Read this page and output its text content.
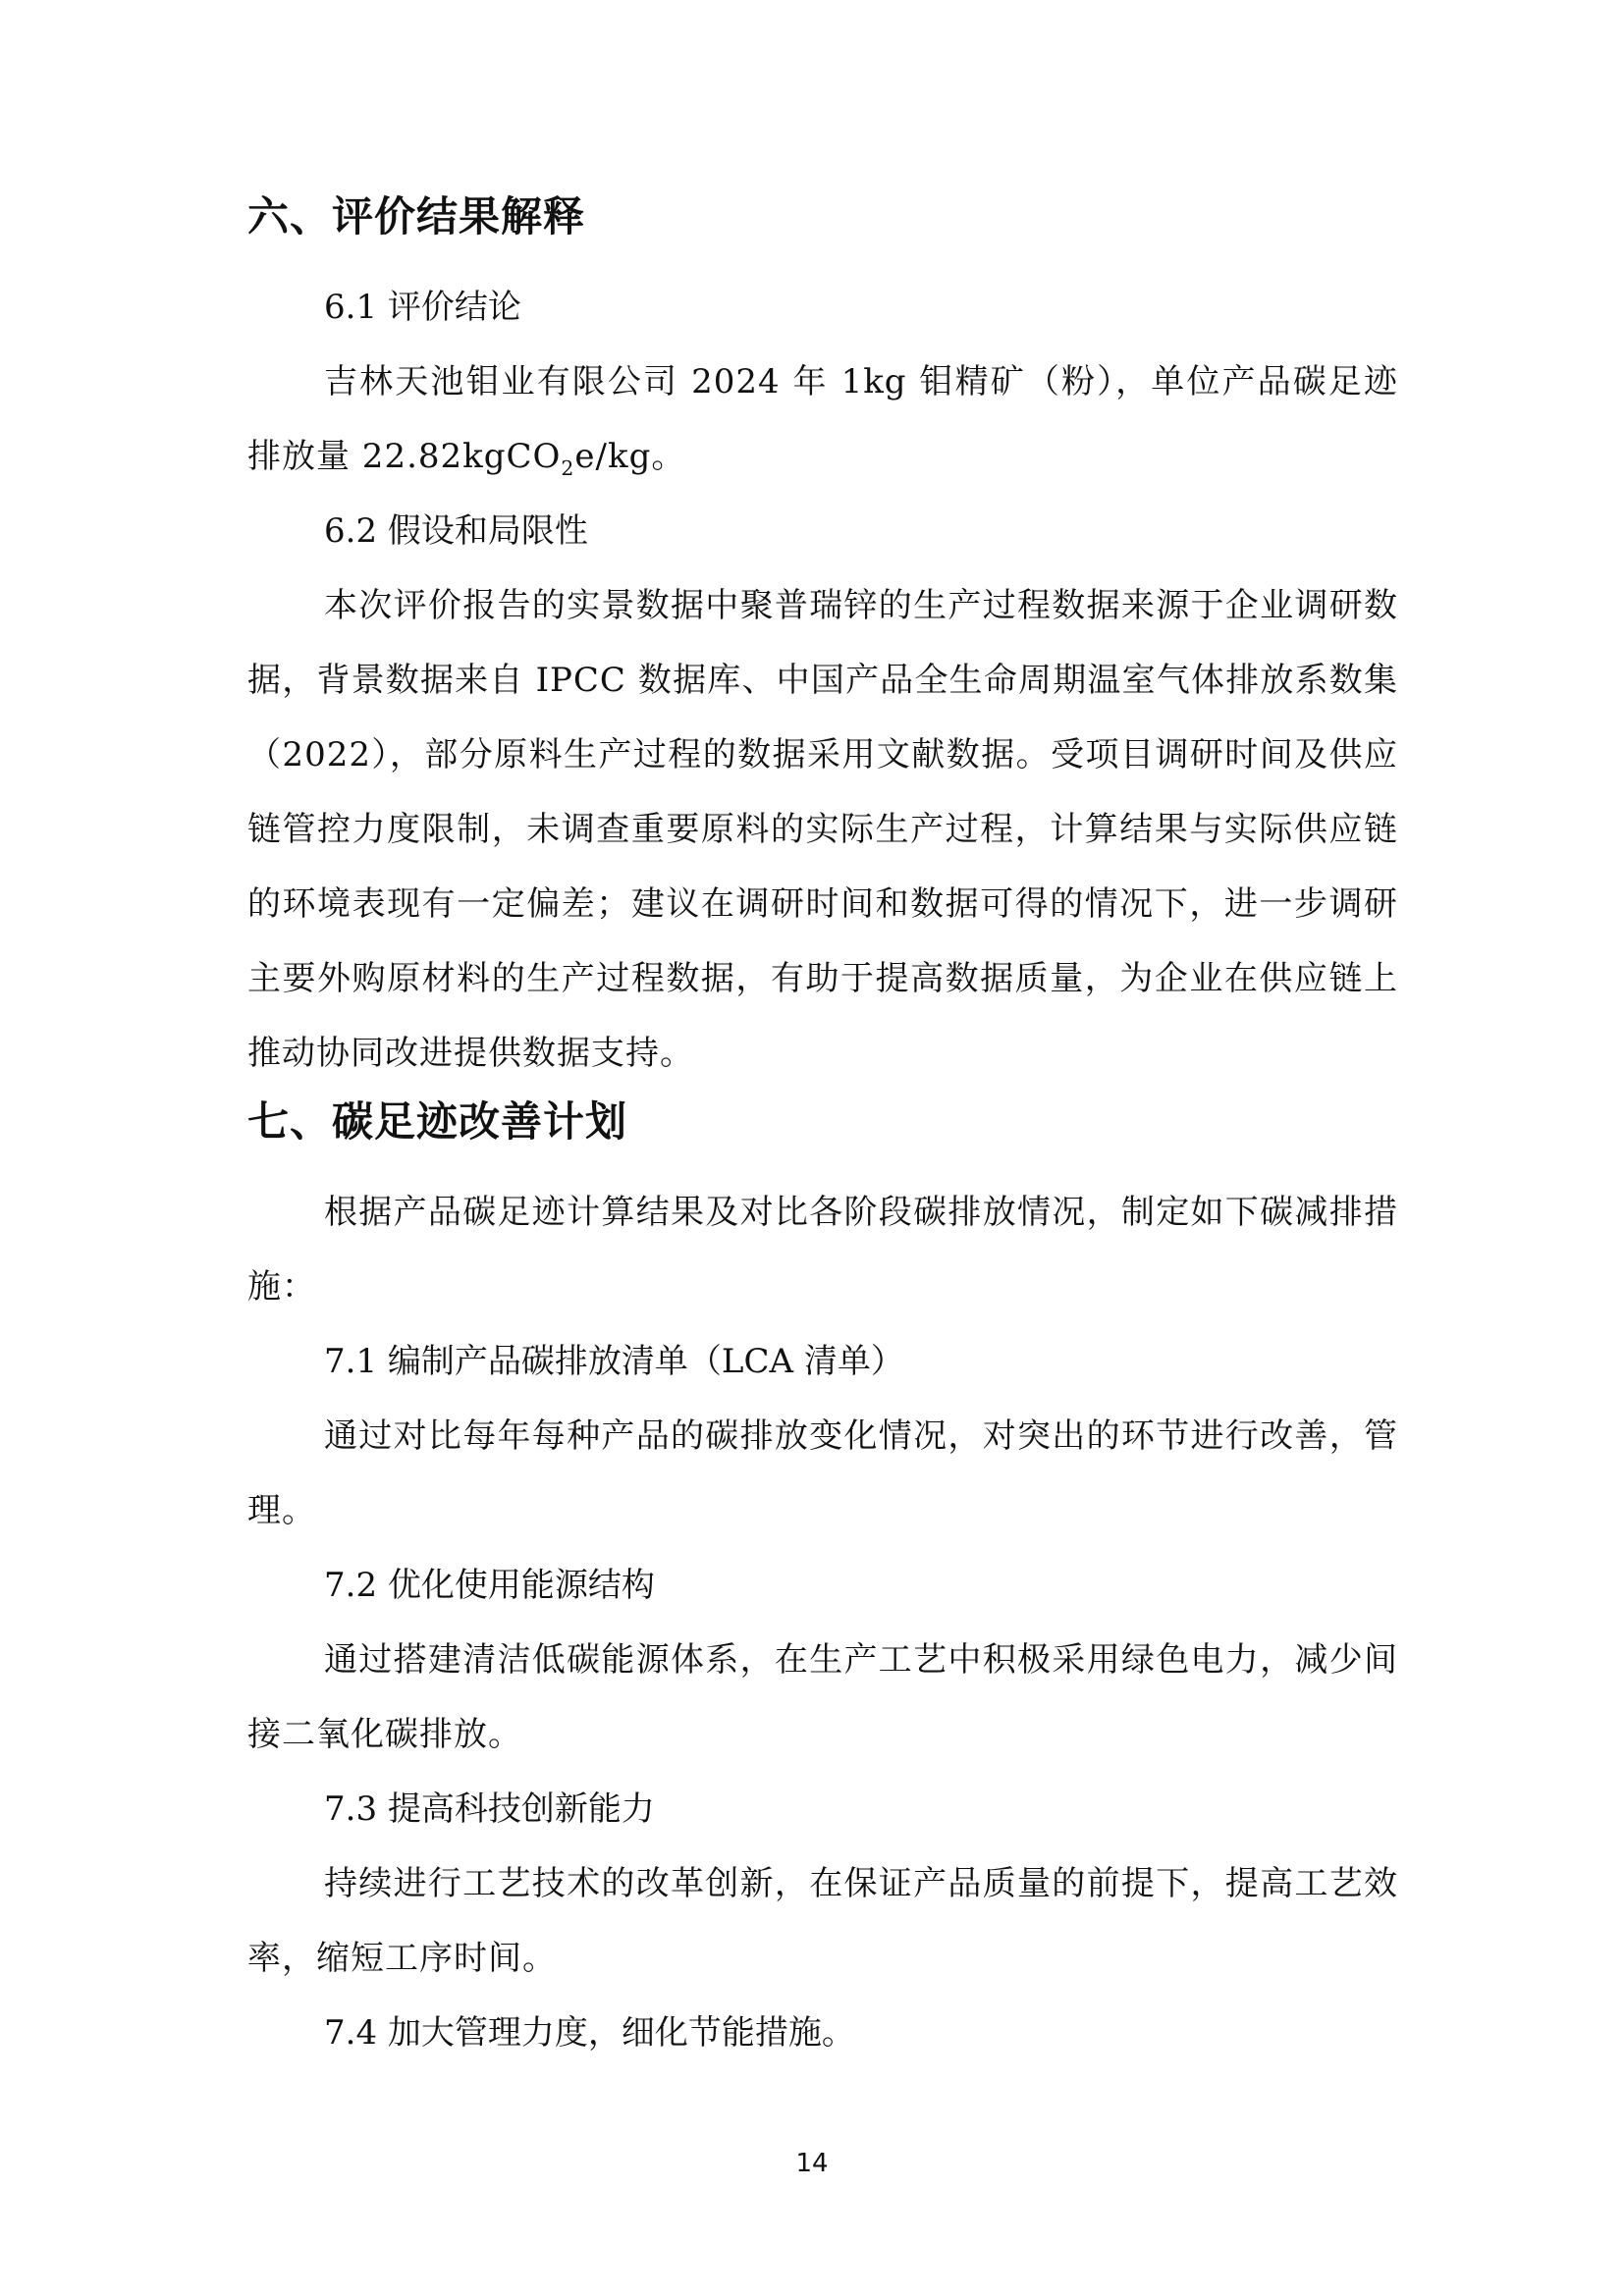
六、评价结果解释

6.1 评价结论

吉林天池钼业有限公司 2024 年 1kg 钼精矿（粉），单位产品碳足迹排放量 22.82kgCO$_2$e/kg。

6.2 假设和局限性

本次评价报告的实景数据中聚普瑞锌的生产过程数据来源于企业调研数据，背景数据来自 IPCC 数据库、中国产品全生命周期温室气体排放系数集（2022），部分原料生产过程的数据采用文献数据。受项目调研时间及供应链管控力度限制，未调查重要原料的实际生产过程，计算结果与实际供应链的环境表现有一定偏差；建议在调研时间和数据可得的情况下，进一步调研主要外购原材料的生产过程数据，有助于提高数据质量，为企业在供应链上推动协同改进提供数据支持。

七、碳足迹改善计划

根据产品碳足迹计算结果及对比各阶段碳排放情况，制定如下碳减排措施：

7.1 编制产品碳排放清单（LCA 清单）

通过对比每年每种产品的碳排放变化情况，对突出的环节进行改善，管理。

7.2 优化使用能源结构

通过搭建清洁低碳能源体系，在生产工艺中积极采用绿色电力，减少间接二氧化碳排放。

7.3 提高科技创新能力

持续进行工艺技术的改革创新，在保证产品质量的前提下，提高工艺效率，缩短工序时间。

7.4 加大管理力度，细化节能措施。

14
